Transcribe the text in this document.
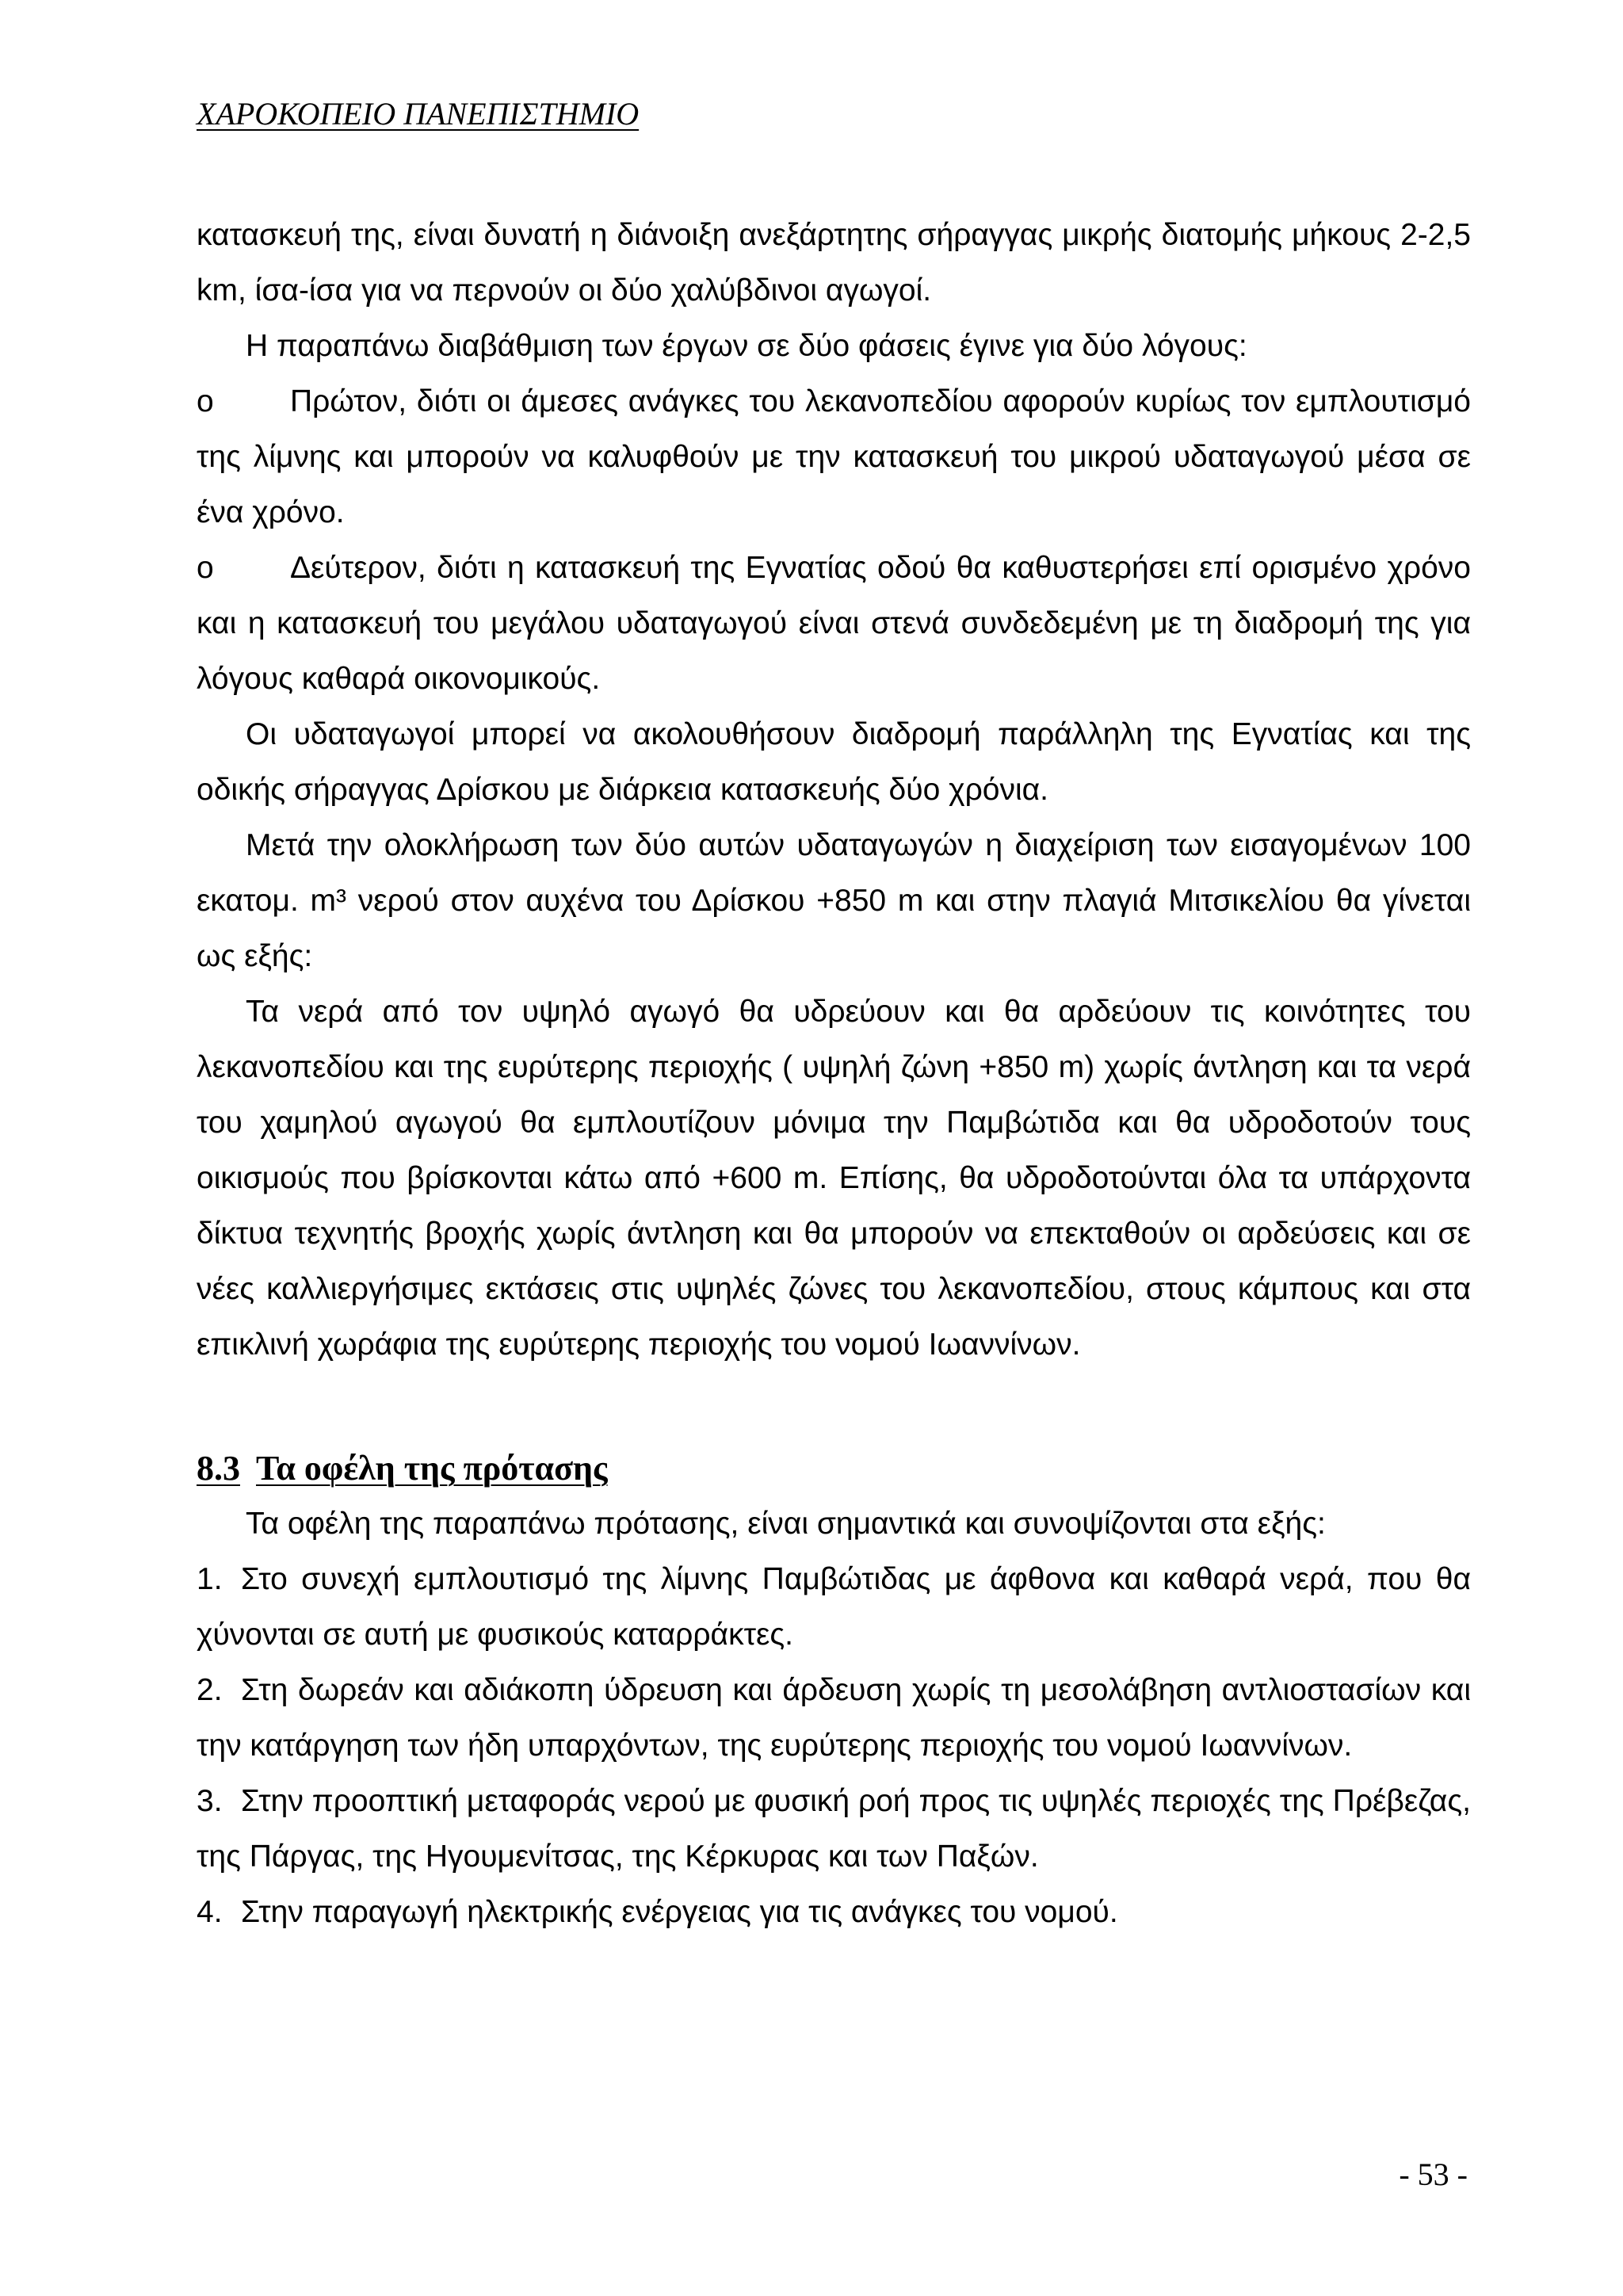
ΧΑΡΟΚΟΠΕΙΟ ΠΑΝΕΠΙΣΤΗΜΙΟ

κατασκευή της, είναι δυνατή η διάνοιξη ανεξάρτητης σήραγγας μικρής διατομής μήκους 2-2,5 km, ίσα-ίσα για να περνούν οι δύο χαλύβδινοι αγωγοί.

Η παραπάνω διαβάθμιση των έργων σε δύο φάσεις έγινε για δύο λόγους:

o Πρώτον, διότι οι άμεσες ανάγκες του λεκανοπεδίου αφορούν κυρίως τον εμπλουτισμό της λίμνης και μπορούν να καλυφθούν με την κατασκευή του μικρού υδαταγωγού μέσα σε ένα χρόνο.

o Δεύτερον, διότι η κατασκευή της Εγνατίας οδού θα καθυστερήσει επί ορισμένο χρόνο και η κατασκευή του μεγάλου υδαταγωγού είναι στενά συνδεδεμένη με τη διαδρομή της για λόγους καθαρά οικονομικούς.

Οι υδαταγωγοί μπορεί να ακολουθήσουν διαδρομή παράλληλη της Εγνατίας και της οδικής σήραγγας Δρίσκου με διάρκεια κατασκευής δύο χρόνια.

Μετά την ολοκλήρωση των δύο αυτών υδαταγωγών η διαχείριση των εισαγομένων 100 εκατομ. m³ νερού στον αυχένα του Δρίσκου +850 m και στην πλαγιά Μιτσικελίου θα γίνεται ως εξής:

Τα νερά από τον υψηλό αγωγό θα υδρεύουν και θα αρδεύουν τις κοινότητες του λεκανοπεδίου και της ευρύτερης περιοχής ( υψηλή ζώνη +850 m) χωρίς άντληση και τα νερά του χαμηλού αγωγού θα εμπλουτίζουν μόνιμα την Παμβώτιδα και θα υδροδοτούν τους οικισμούς που βρίσκονται κάτω από +600 m. Επίσης, θα υδροδοτούνται όλα τα υπάρχοντα δίκτυα τεχνητής βροχής χωρίς άντληση και θα μπορούν να επεκταθούν οι αρδεύσεις και σε νέες καλλιεργήσιμες εκτάσεις στις υψηλές ζώνες του λεκανοπεδίου, στους κάμπους και στα επικλινή χωράφια της ευρύτερης περιοχής του νομού Ιωαννίνων.

8.3 Τα οφέλη της πρότασης

Τα οφέλη της παραπάνω πρότασης, είναι σημαντικά και συνοψίζονται στα εξής:

1. Στο συνεχή εμπλουτισμό της λίμνης Παμβώτιδας με άφθονα και καθαρά νερά, που θα χύνονται σε αυτή με φυσικούς καταρράκτες.

2. Στη δωρεάν και αδιάκοπη ύδρευση και άρδευση χωρίς τη μεσολάβηση αντλιοστασίων και την κατάργηση των ήδη υπαρχόντων, της ευρύτερης περιοχής του νομού Ιωαννίνων.

3. Στην προοπτική μεταφοράς νερού με φυσική ροή προς τις υψηλές περιοχές της Πρέβεζας, της Πάργας, της Ηγουμενίτσας, της Κέρκυρας και των Παξών.

4. Στην παραγωγή ηλεκτρικής ενέργειας για τις ανάγκες του νομού.

- 53 -
